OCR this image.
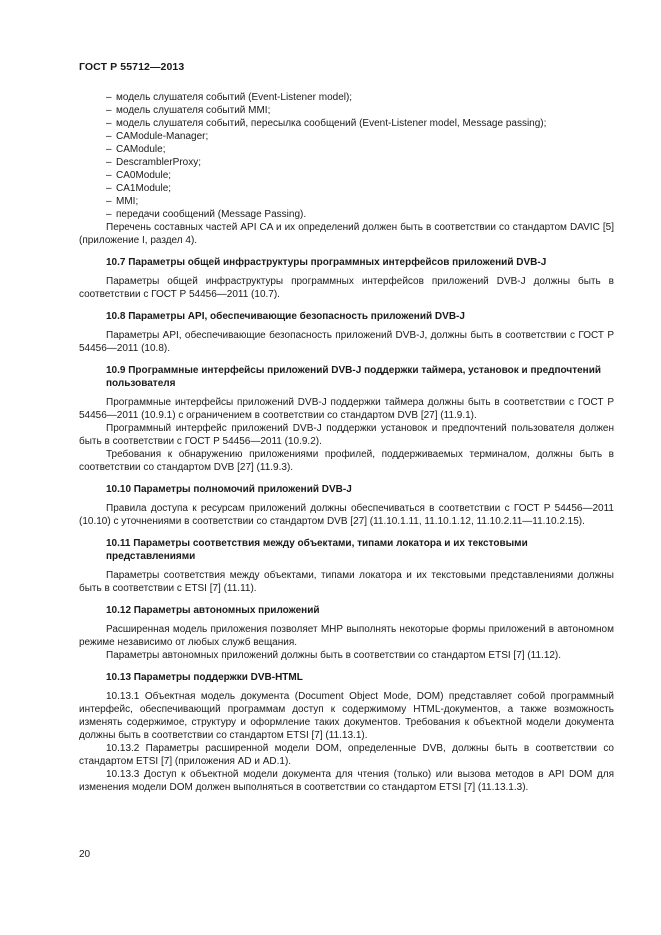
ГОСТ Р 55712—2013
– модель слушателя событий (Event-Listener model);
– модель слушателя событий MMI;
– модель слушателя событий, пересылка сообщений (Event-Listener model, Message passing);
– CAModule-Manager;
– CAModule;
– DescramblerProxy;
– CA0Module;
– CA1Module;
– MMI;
– передачи сообщений (Message Passing).

Перечень составных частей API CA и их определений должен быть в соответствии со стандартом DAVIC [5] (приложение I, раздел 4).

10.7 Параметры общей инфраструктуры программных интерфейсов приложений DVB-J

Параметры общей инфраструктуры программных интерфейсов приложений DVB-J должны быть в соответствии с ГОСТ Р 54456—2011 (10.7).

10.8 Параметры API, обеспечивающие безопасность приложений DVB-J

Параметры API, обеспечивающие безопасность приложений DVB-J, должны быть в соответствии с ГОСТ Р 54456—2011 (10.8).

10.9 Программные интерфейсы приложений DVB-J поддержки таймера, установок и предпочтений пользователя

Программные интерфейсы приложений DVB-J поддержки таймера должны быть в соответствии с ГОСТ Р 54456—2011 (10.9.1) с ограничением в соответствии со стандартом DVB [27] (11.9.1).

Программный интерфейс приложений DVB-J поддержки установок и предпочтений пользователя должен быть в соответствии с ГОСТ Р 54456—2011 (10.9.2).

Требования к обнаружению приложениями профилей, поддерживаемых терминалом, должны быть в соответствии со стандартом DVB [27] (11.9.3).

10.10 Параметры полномочий приложений DVB-J

Правила доступа к ресурсам приложений должны обеспечиваться в соответствии с ГОСТ Р 54456—2011 (10.10) с уточнениями в соответствии со стандартом DVB [27] (11.10.1.11, 11.10.1.12, 11.10.2.11—11.10.2.15).

10.11 Параметры соответствия между объектами, типами локатора и их текстовыми представлениями

Параметры соответствия между объектами, типами локатора и их текстовыми представлениями должны быть в соответствии с ETSI [7] (11.11).

10.12 Параметры автономных приложений

Расширенная модель приложения позволяет МНР выполнять некоторые формы приложений в автономном режиме независимо от любых служб вещания.

Параметры автономных приложений должны быть в соответствии со стандартом ETSI [7] (11.12).

10.13 Параметры поддержки DVB-HTML

10.13.1 Объектная модель документа (Document Object Mode, DOM) представляет собой программный интерфейс, обеспечивающий программам доступ к содержимому HTML-документов, а также возможность изменять содержимое, структуру и оформление таких документов. Требования к объектной модели документа должны быть в соответствии со стандартом ETSI [7] (11.13.1).

10.13.2 Параметры расширенной модели DOM, определенные DVB, должны быть в соответствии со стандартом ETSI [7] (приложения AD и AD.1).

10.13.3 Доступ к объектной модели документа для чтения (только) или вызова методов в API DOM для изменения модели DOM должен выполняться в соответствии со стандартом ETSI [7] (11.13.1.3).

20
